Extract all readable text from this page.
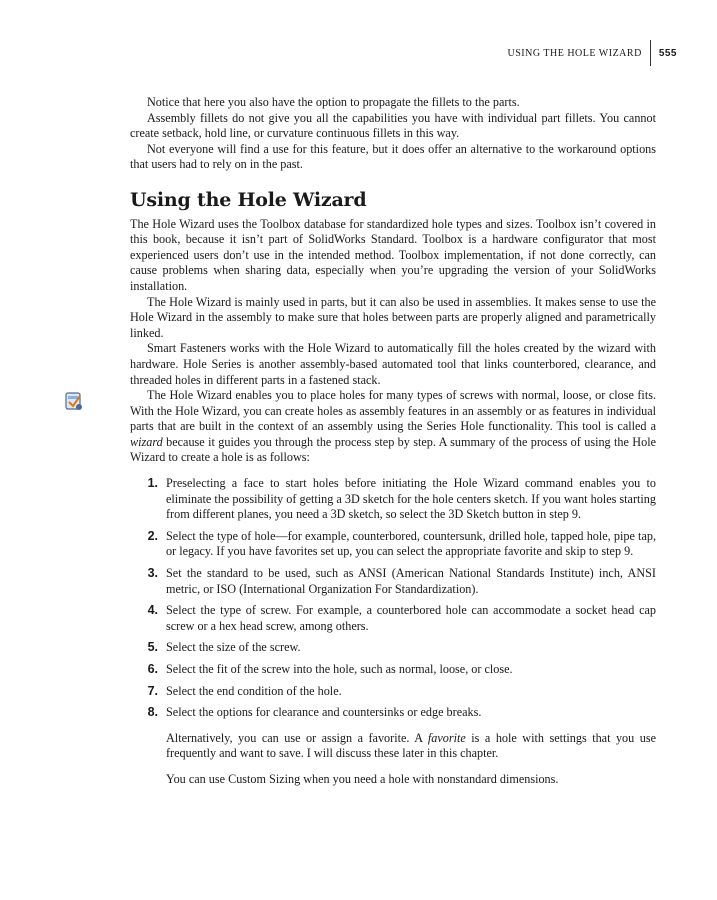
USING THE HOLE WIZARD	555

Notice that here you also have the option to propagate the fillets to the parts.

Assembly fillets do not give you all the capabilities you have with individual part fillets. You cannot create setback, hold line, or curvature continuous fillets in this way.

Not everyone will find a use for this feature, but it does offer an alternative to the workaround options that users had to rely on in the past.

Using the Hole Wizard

The Hole Wizard uses the Toolbox database for standardized hole types and sizes. Toolbox isn’t covered in this book, because it isn’t part of SolidWorks Standard. Toolbox is a hardware configurator that most experienced users don’t use in the intended method. Toolbox implementation, if not done correctly, can cause problems when sharing data, especially when you’re upgrading the version of your SolidWorks installation.

The Hole Wizard is mainly used in parts, but it can also be used in assemblies. It makes sense to use the Hole Wizard in the assembly to make sure that holes between parts are properly aligned and parametrically linked.

Smart Fasteners works with the Hole Wizard to automatically fill the holes created by the wizard with hardware. Hole Series is another assembly-based automated tool that links counterbored, clearance, and threaded holes in different parts in a fastened stack.

The Hole Wizard enables you to place holes for many types of screws with normal, loose, or close fits. With the Hole Wizard, you can create holes as assembly features in an assembly or as features in individual parts that are built in the context of an assembly using the Series Hole functionality. This tool is called a wizard because it guides you through the process step by step. A summary of the process of using the Hole Wizard to create a hole is as follows:

1. Preselecting a face to start holes before initiating the Hole Wizard command enables you to eliminate the possibility of getting a 3D sketch for the hole centers sketch. If you want holes starting from different planes, you need a 3D sketch, so select the 3D Sketch button in step 9.
2. Select the type of hole—for example, counterbored, countersunk, drilled hole, tapped hole, pipe tap, or legacy. If you have favorites set up, you can select the appropriate favorite and skip to step 9.
3. Set the standard to be used, such as ANSI (American National Standards Institute) inch, ANSI metric, or ISO (International Organization For Standardization).
4. Select the type of screw. For example, a counterbored hole can accommodate a socket head cap screw or a hex head screw, among others.
5. Select the size of the screw.
6. Select the fit of the screw into the hole, such as normal, loose, or close.
7. Select the end condition of the hole.
8. Select the options for clearance and countersinks or edge breaks.

Alternatively, you can use or assign a favorite. A favorite is a hole with settings that you use frequently and want to save. I will discuss these later in this chapter.

You can use Custom Sizing when you need a hole with nonstandard dimensions.
